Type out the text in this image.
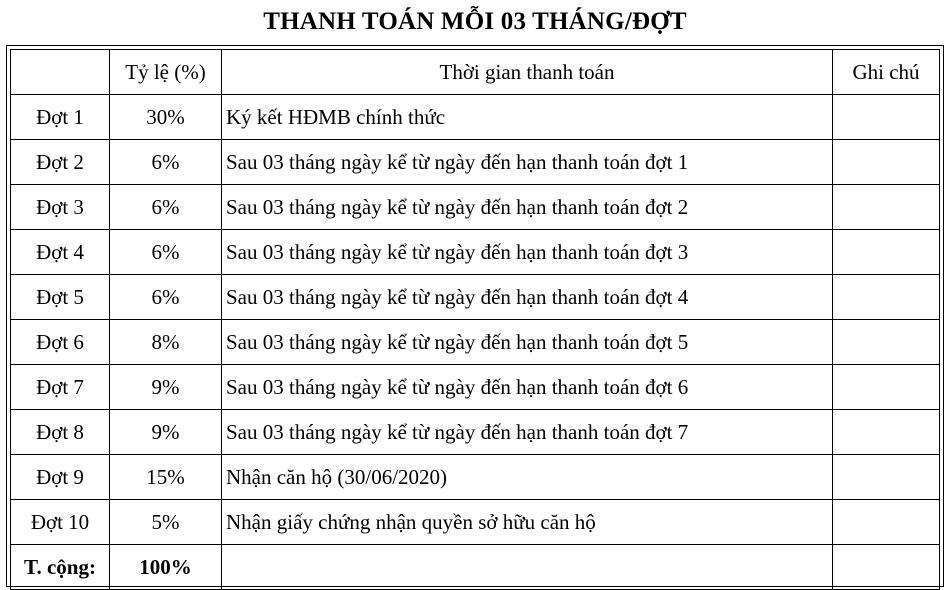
THANH TOÁN MỖI 03 THÁNG/ĐỢT
	Tỷ lệ (%)	Thời gian thanh toán	Ghi chú
Đợt 1	30%	Ký kết HĐMB chính thức	
Đợt 2	6%	Sau 03 tháng ngày kể từ ngày đến hạn thanh toán đợt 1	
Đợt 3	6%	Sau 03 tháng ngày kể từ ngày đến hạn thanh toán đợt 2	
Đợt 4	6%	Sau 03 tháng ngày kể từ ngày đến hạn thanh toán đợt 3	
Đợt 5	6%	Sau 03 tháng ngày kể từ ngày đến hạn thanh toán đợt 4	
Đợt 6	8%	Sau 03 tháng ngày kể từ ngày đến hạn thanh toán đợt 5	
Đợt 7	9%	Sau 03 tháng ngày kể từ ngày đến hạn thanh toán đợt 6	
Đợt 8	9%	Sau 03 tháng ngày kể từ ngày đến hạn thanh toán đợt 7	
Đợt 9	15%	Nhận căn hộ (30/06/2020)	
Đợt 10	5%	Nhận giấy chứng nhận quyền sở hữu căn hộ	
T. cộng:	100%		
